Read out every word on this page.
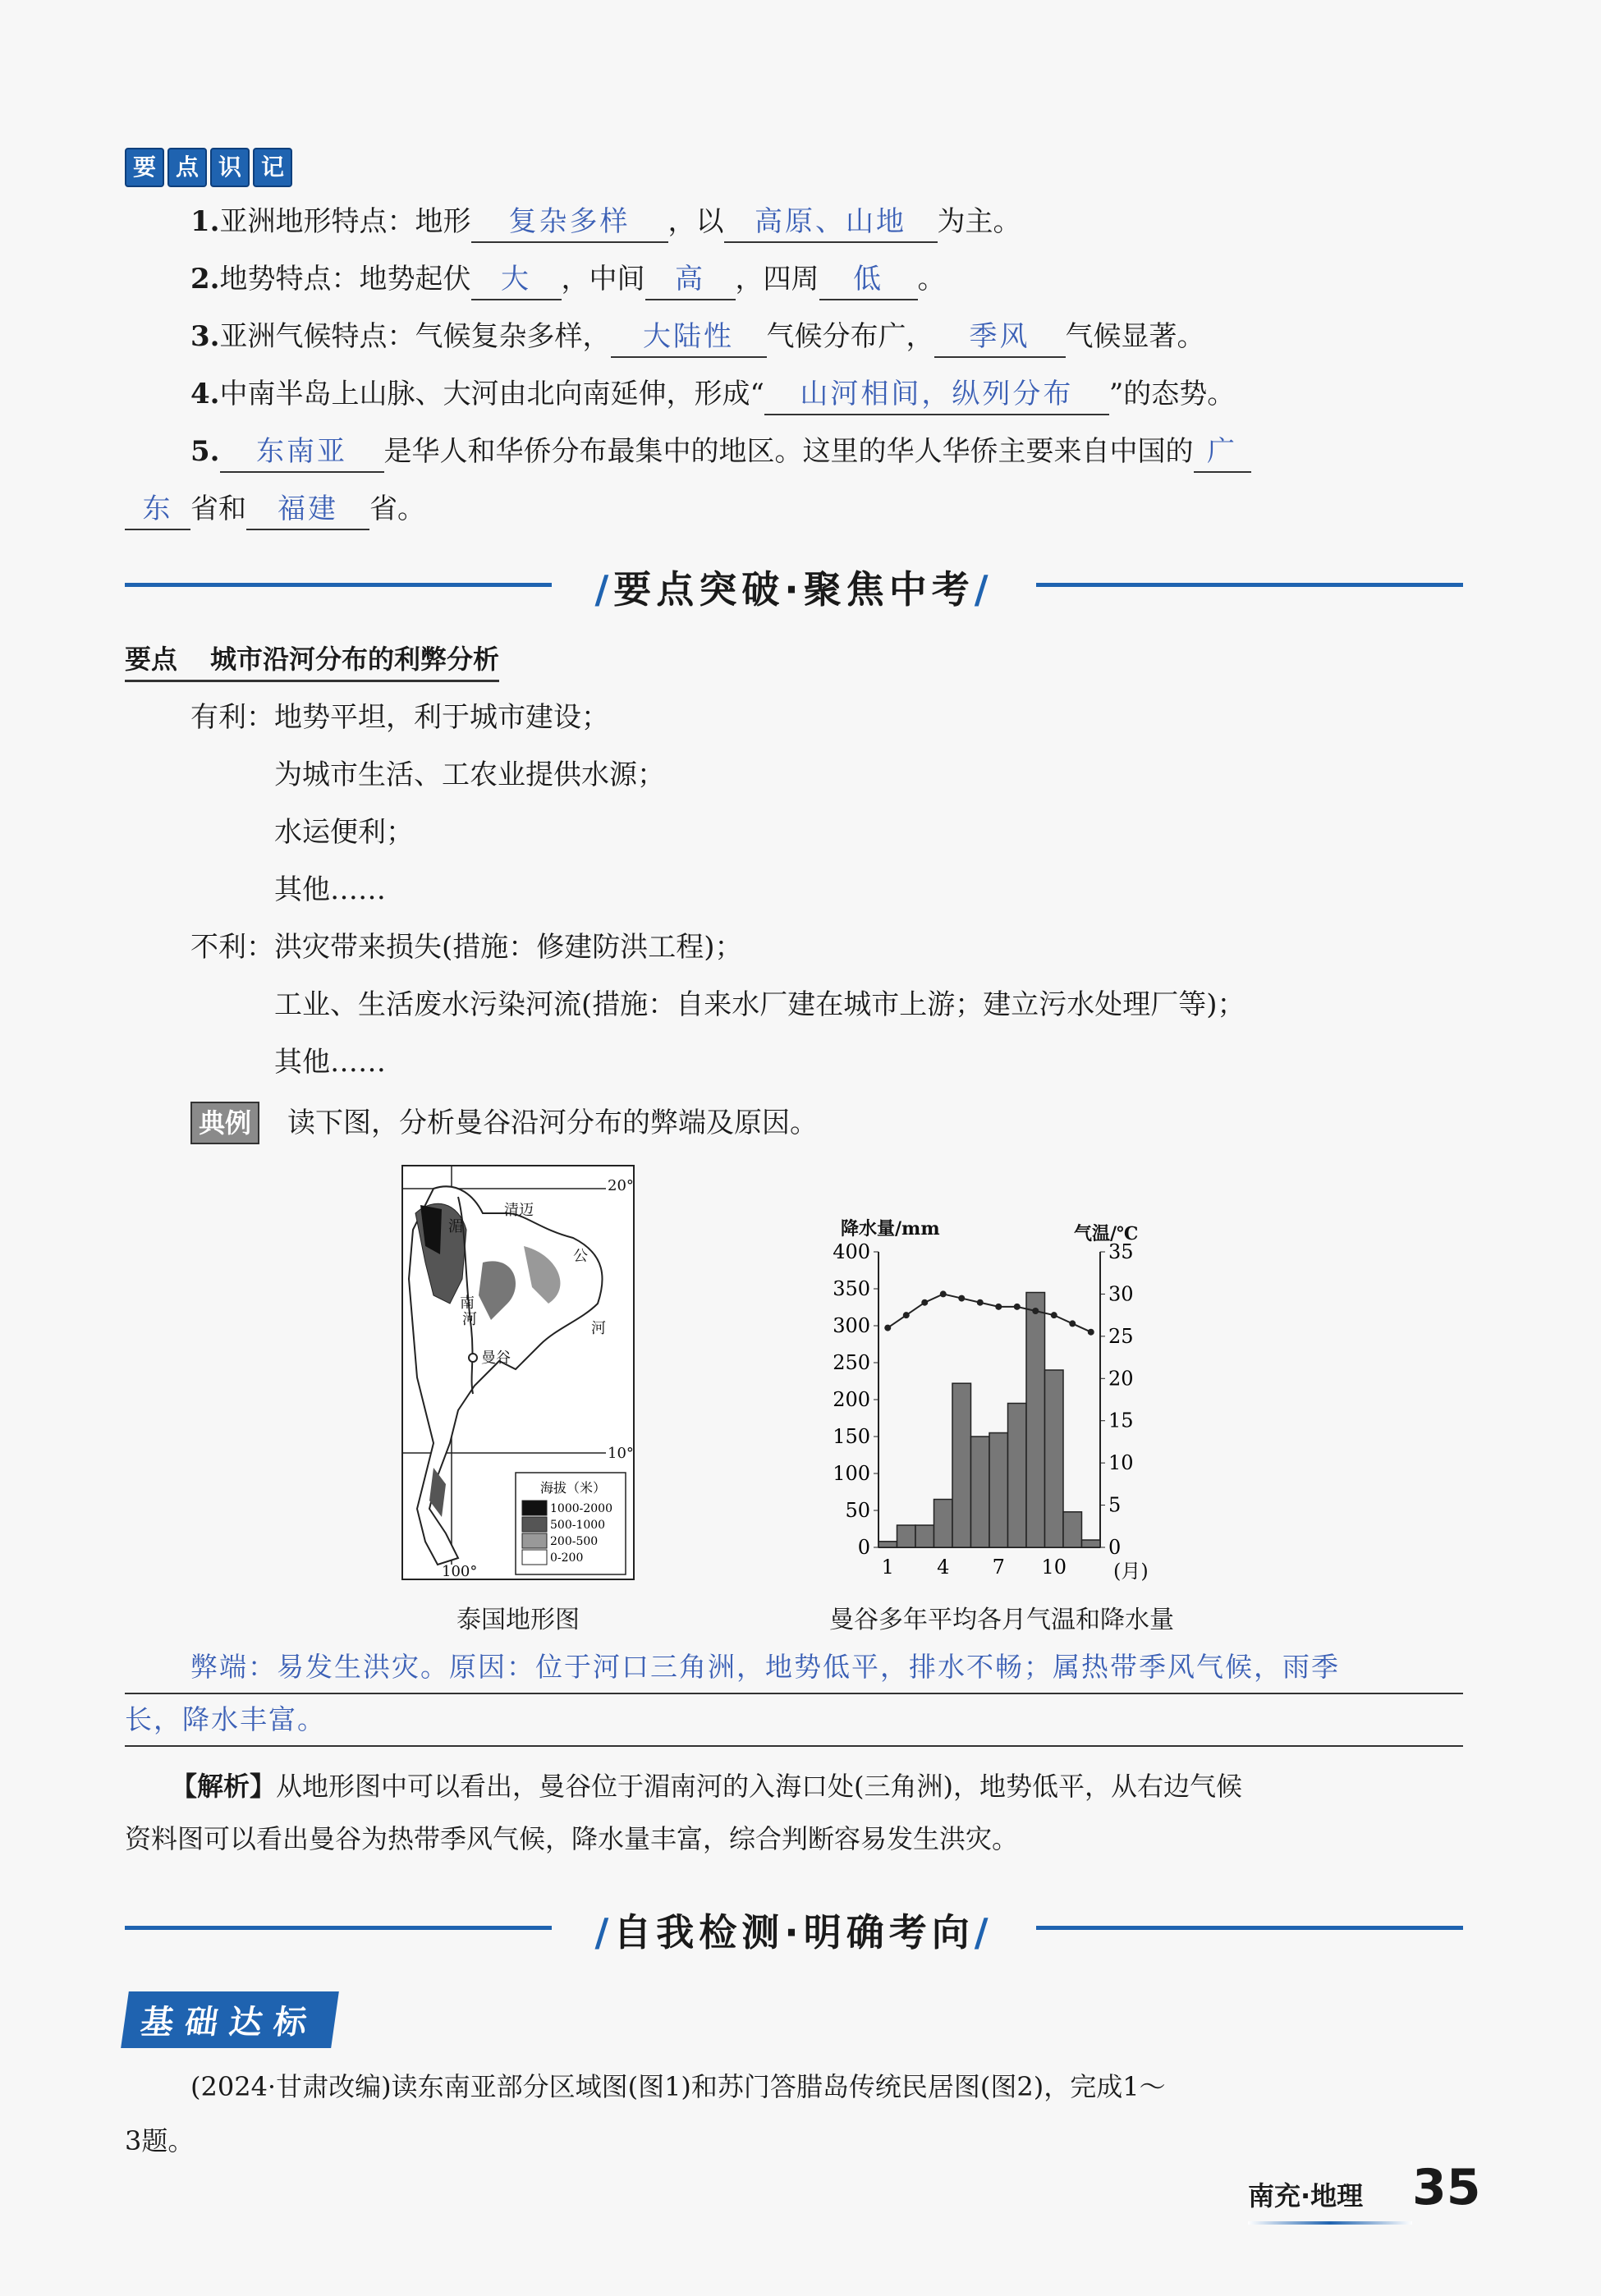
要 点 识 记
1.亚洲地形特点：地形 复杂多样 ，以 高原、山地 为主。
2.地势特点：地势起伏 大 ，中间 高 ，四周 低 。
3.亚洲气候特点：气候复杂多样， 大陆性 气候分布广， 季风 气候显著。
4.中南半岛上山脉、大河由北向南延伸，形成“ 山河相间，纵列分布 ”的态势。
5. 东南亚 是华人和华侨分布最集中的地区。这里的华人华侨主要来自中国的 广
东 省和 福建 省。
/要点突破·聚焦中考/
要点 城市沿河分布的利弊分析
有利：地势平坦，利于城市建设；
为城市生活、工农业提供水源；
水运便利；
其他……
不利：洪灾带来损失(措施：修建防洪工程)；
工业、生活废水污染河流(措施：自来水厂建在城市上游；建立污水处理厂等)；
其他……
典例 读下图，分析曼谷沿河分布的弊端及原因。
20°
10°
100°
清迈
曼谷
湄
南
河
河
公
海拔（米）
1000-2000
500-1000
200-500
0-200
泰国地形图
降水量/mm	气温/℃
(月)
0
50
100
150
200
250
300
350
400
0
5
10
15
20
25
30
35
1 4 7 10
曼谷多年平均各月气温和降水量
弊端：易发生洪灾。原因：位于河口三角洲，地势低平，排水不畅；属热带季风气候，雨季
长，降水丰富。
【解析】从地形图中可以看出，曼谷位于湄南河的入海口处(三角洲)，地势低平，从右边气候
资料图可以看出曼谷为热带季风气候，降水量丰富，综合判断容易发生洪灾。
/自我检测·明确考向/
基础达标
(2024·甘肃改编)读东南亚部分区域图(图1)和苏门答腊岛传统民居图(图2)，完成1～
3题。
南充·地理 35
